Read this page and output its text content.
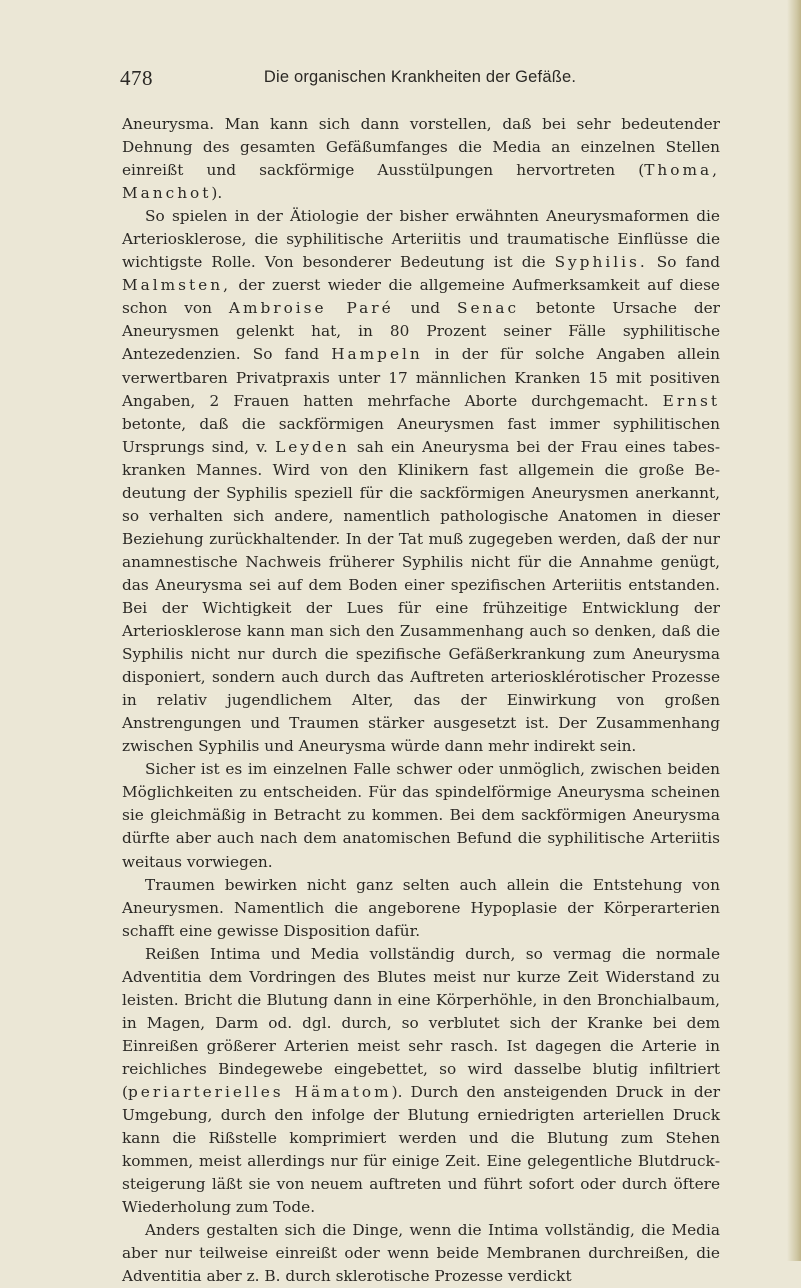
478	Die organischen Krankheiten der Gefäße.

Aneurysma. Man kann sich dann vorstellen, daß bei sehr bedeutender Dehnung des gesamten Gefäßumfanges die Media an einzelnen Stellen einreißt und sackförmige Ausstülpungen hervortreten (Thoma, Manchot).

So spielen in der Ätiologie der bisher erwähnten Aneurysmaformen die Arteriosklerose, die syphilitische Arteriitis und traumatische Einflüsse die wichtigste Rolle. Von besonderer Bedeutung ist die Syphilis. So fand Malmsten, der zuerst wieder die allgemeine Aufmerksamkeit auf diese schon von Ambroise Paré und Senac betonte Ursache der Aneurysmen gelenkt hat, in 80 Prozent seiner Fälle syphilitische Antezedenzien. So fand Hampeln in der für solche Angaben allein verwertbaren Privatpraxis unter 17 männlichen Kranken 15 mit positiven Angaben, 2 Frauen hatten mehrfache Aborte durchgemacht. Ernst betonte, daß die sackförmigen Aneurysmen fast immer syphilitischen Ursprungs sind, v. Leyden sah ein Aneurysma bei der Frau eines tabeskranken Mannes. Wird von den Klinikern fast allgemein die große Bedeutung der Syphilis speziell für die sackförmigen Aneurysmen anerkannt, so verhalten sich andere, namentlich pathologische Anatomen in dieser Beziehung zurückhaltender. In der Tat muß zugegeben werden, daß der nur anamnestische Nachweis früherer Syphilis nicht für die Annahme genügt, das Aneurysma sei auf dem Boden einer spezifischen Arteriitis entstanden. Bei der Wichtigkeit der Lues für eine frühzeitige Entwicklung der Arteriosklerose kann man sich den Zusammenhang auch so denken, daß die Syphilis nicht nur durch die spezifische Gefäßerkrankung zum Aneurysma disponiert, sondern auch durch das Auftreten arteriosklérotischer Prozesse in relativ jugendlichem Alter, das der Einwirkung von großen Anstrengungen und Traumen stärker ausgesetzt ist. Der Zusammenhang zwischen Syphilis und Aneurysma würde dann mehr indirekt sein.

Sicher ist es im einzelnen Falle schwer oder unmöglich, zwischen beiden Möglichkeiten zu entscheiden. Für das spindelförmige Aneurysma scheinen sie gleichmäßig in Betracht zu kommen. Bei dem sackförmigen Aneurysma dürfte aber auch nach dem anatomischen Befund die syphilitische Arteriitis weitaus vorwiegen.

Traumen bewirken nicht ganz selten auch allein die Entstehung von Aneurysmen. Namentlich die angeborene Hypoplasie der Körperarterien schafft eine gewisse Disposition dafür.

Reißen Intima und Media vollständig durch, so vermag die normale Adventitia dem Vordringen des Blutes meist nur kurze Zeit Widerstand zu leisten. Bricht die Blutung dann in eine Körperhöhle, in den Bronchialbaum, in Magen, Darm od. dgl. durch, so verblutet sich der Kranke bei dem Einreißen größerer Arterien meist sehr rasch. Ist dagegen die Arterie in reichliches Bindegewebe eingebettet, so wird dasselbe blutig infiltriert (periarterielles Hämatom). Durch den ansteigenden Druck in der Umgebung, durch den infolge der Blutung erniedrigten arteriellen Druck kann die Rißstelle komprimiert werden und die Blutung zum Stehen kommen, meist allerdings nur für einige Zeit. Eine gelegentliche Blutdrucksteigerung läßt sie von neuem auftreten und führt sofort oder durch öftere Wiederholung zum Tode.

Anders gestalten sich die Dinge, wenn die Intima vollständig, die Media aber nur teilweise einreißt oder wenn beide Membranen durchreißen, die Adventitia aber z. B. durch sklerotische Prozesse verdickt
